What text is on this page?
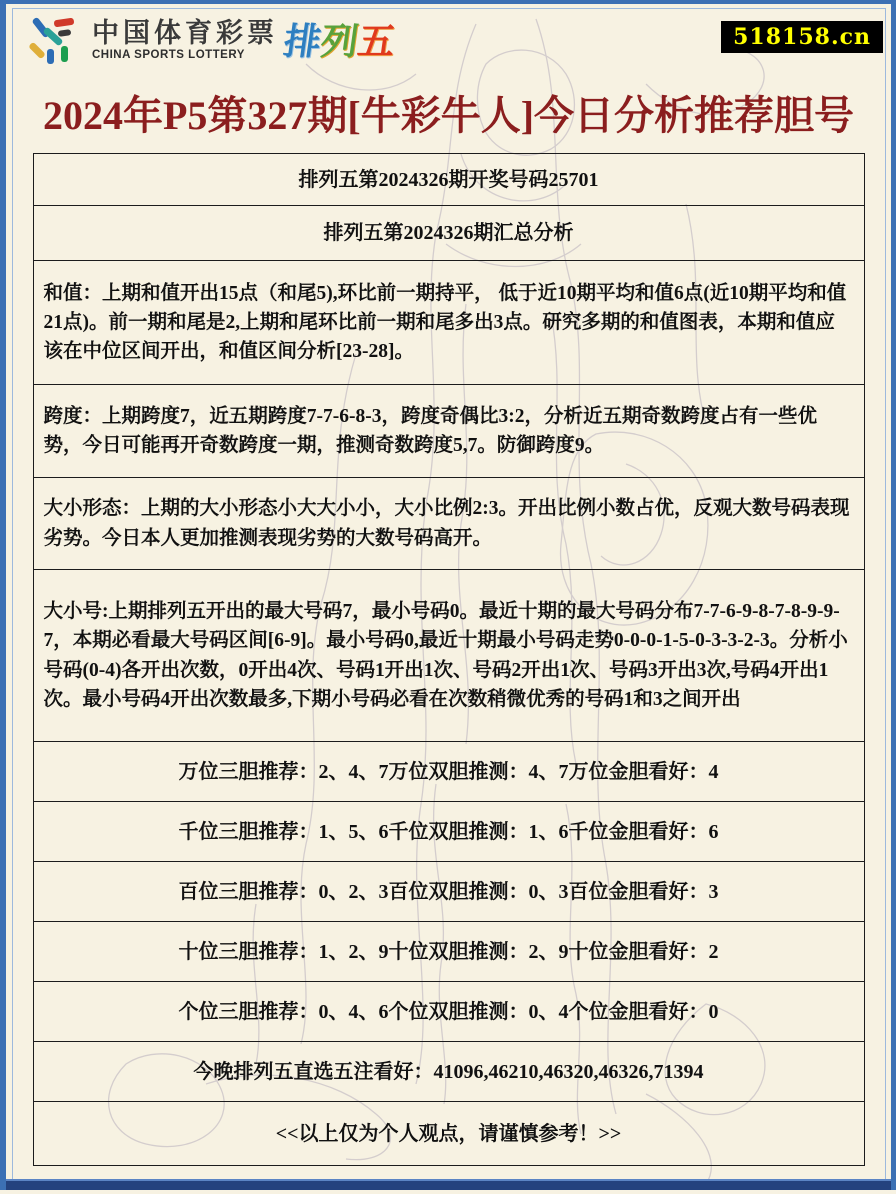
中国体育彩票
CHINA SPORTS LOTTERY 排
列
五	518158.cn
2024年P5第327期[牛彩牛人]今日分析推荐胆号
排列五第2024326期开奖号码25701
排列五第2024326期汇总分析
和值：上期和值开出15点（和尾5),环比前一期持平， 低于近10期平均和值6点(近10期平均和值21点)。前一期和尾是2,上期和尾环比前一期和尾多出3点。研究多期的和值图表，本期和值应该在中位区间开出，和值区间分析[23-28]。
跨度：上期跨度7，近五期跨度7-7-6-8-3，跨度奇偶比3:2，分析近五期奇数跨度占有一些优势，今日可能再开奇数跨度一期，推测奇数跨度5,7。防御跨度9。
大小形态：上期的大小形态小大大小小，大小比例2:3。开出比例小数占优，反观大数号码表现劣势。今日本人更加推测表现劣势的大数号码高开。
大小号:上期排列五开出的最大号码7，最小号码0。最近十期的最大号码分布7-7-6-9-8-7-8-9-9-7，本期必看最大号码区间[6-9]。最小号码0,最近十期最小号码走势0-0-0-1-5-0-3-3-2-3。分析小号码(0-4)各开出次数，0开出4次、号码1开出1次、号码2开出1次、号码3开出3次,号码4开出1次。最小号码4开出次数最多,下期小号码必看在次数稍微优秀的号码1和3之间开出
万位三胆推荐：2、4、7万位双胆推测：4、7万位金胆看好：4
千位三胆推荐：1、5、6千位双胆推测：1、6千位金胆看好：6
百位三胆推荐：0、2、3百位双胆推测：0、3百位金胆看好：3
十位三胆推荐：1、2、9十位双胆推测：2、9十位金胆看好：2
个位三胆推荐：0、4、6个位双胆推测：0、4个位金胆看好：0
今晚排列五直选五注看好：41096,46210,46320,46326,71394
<<以上仅为个人观点，请谨慎参考！>>
